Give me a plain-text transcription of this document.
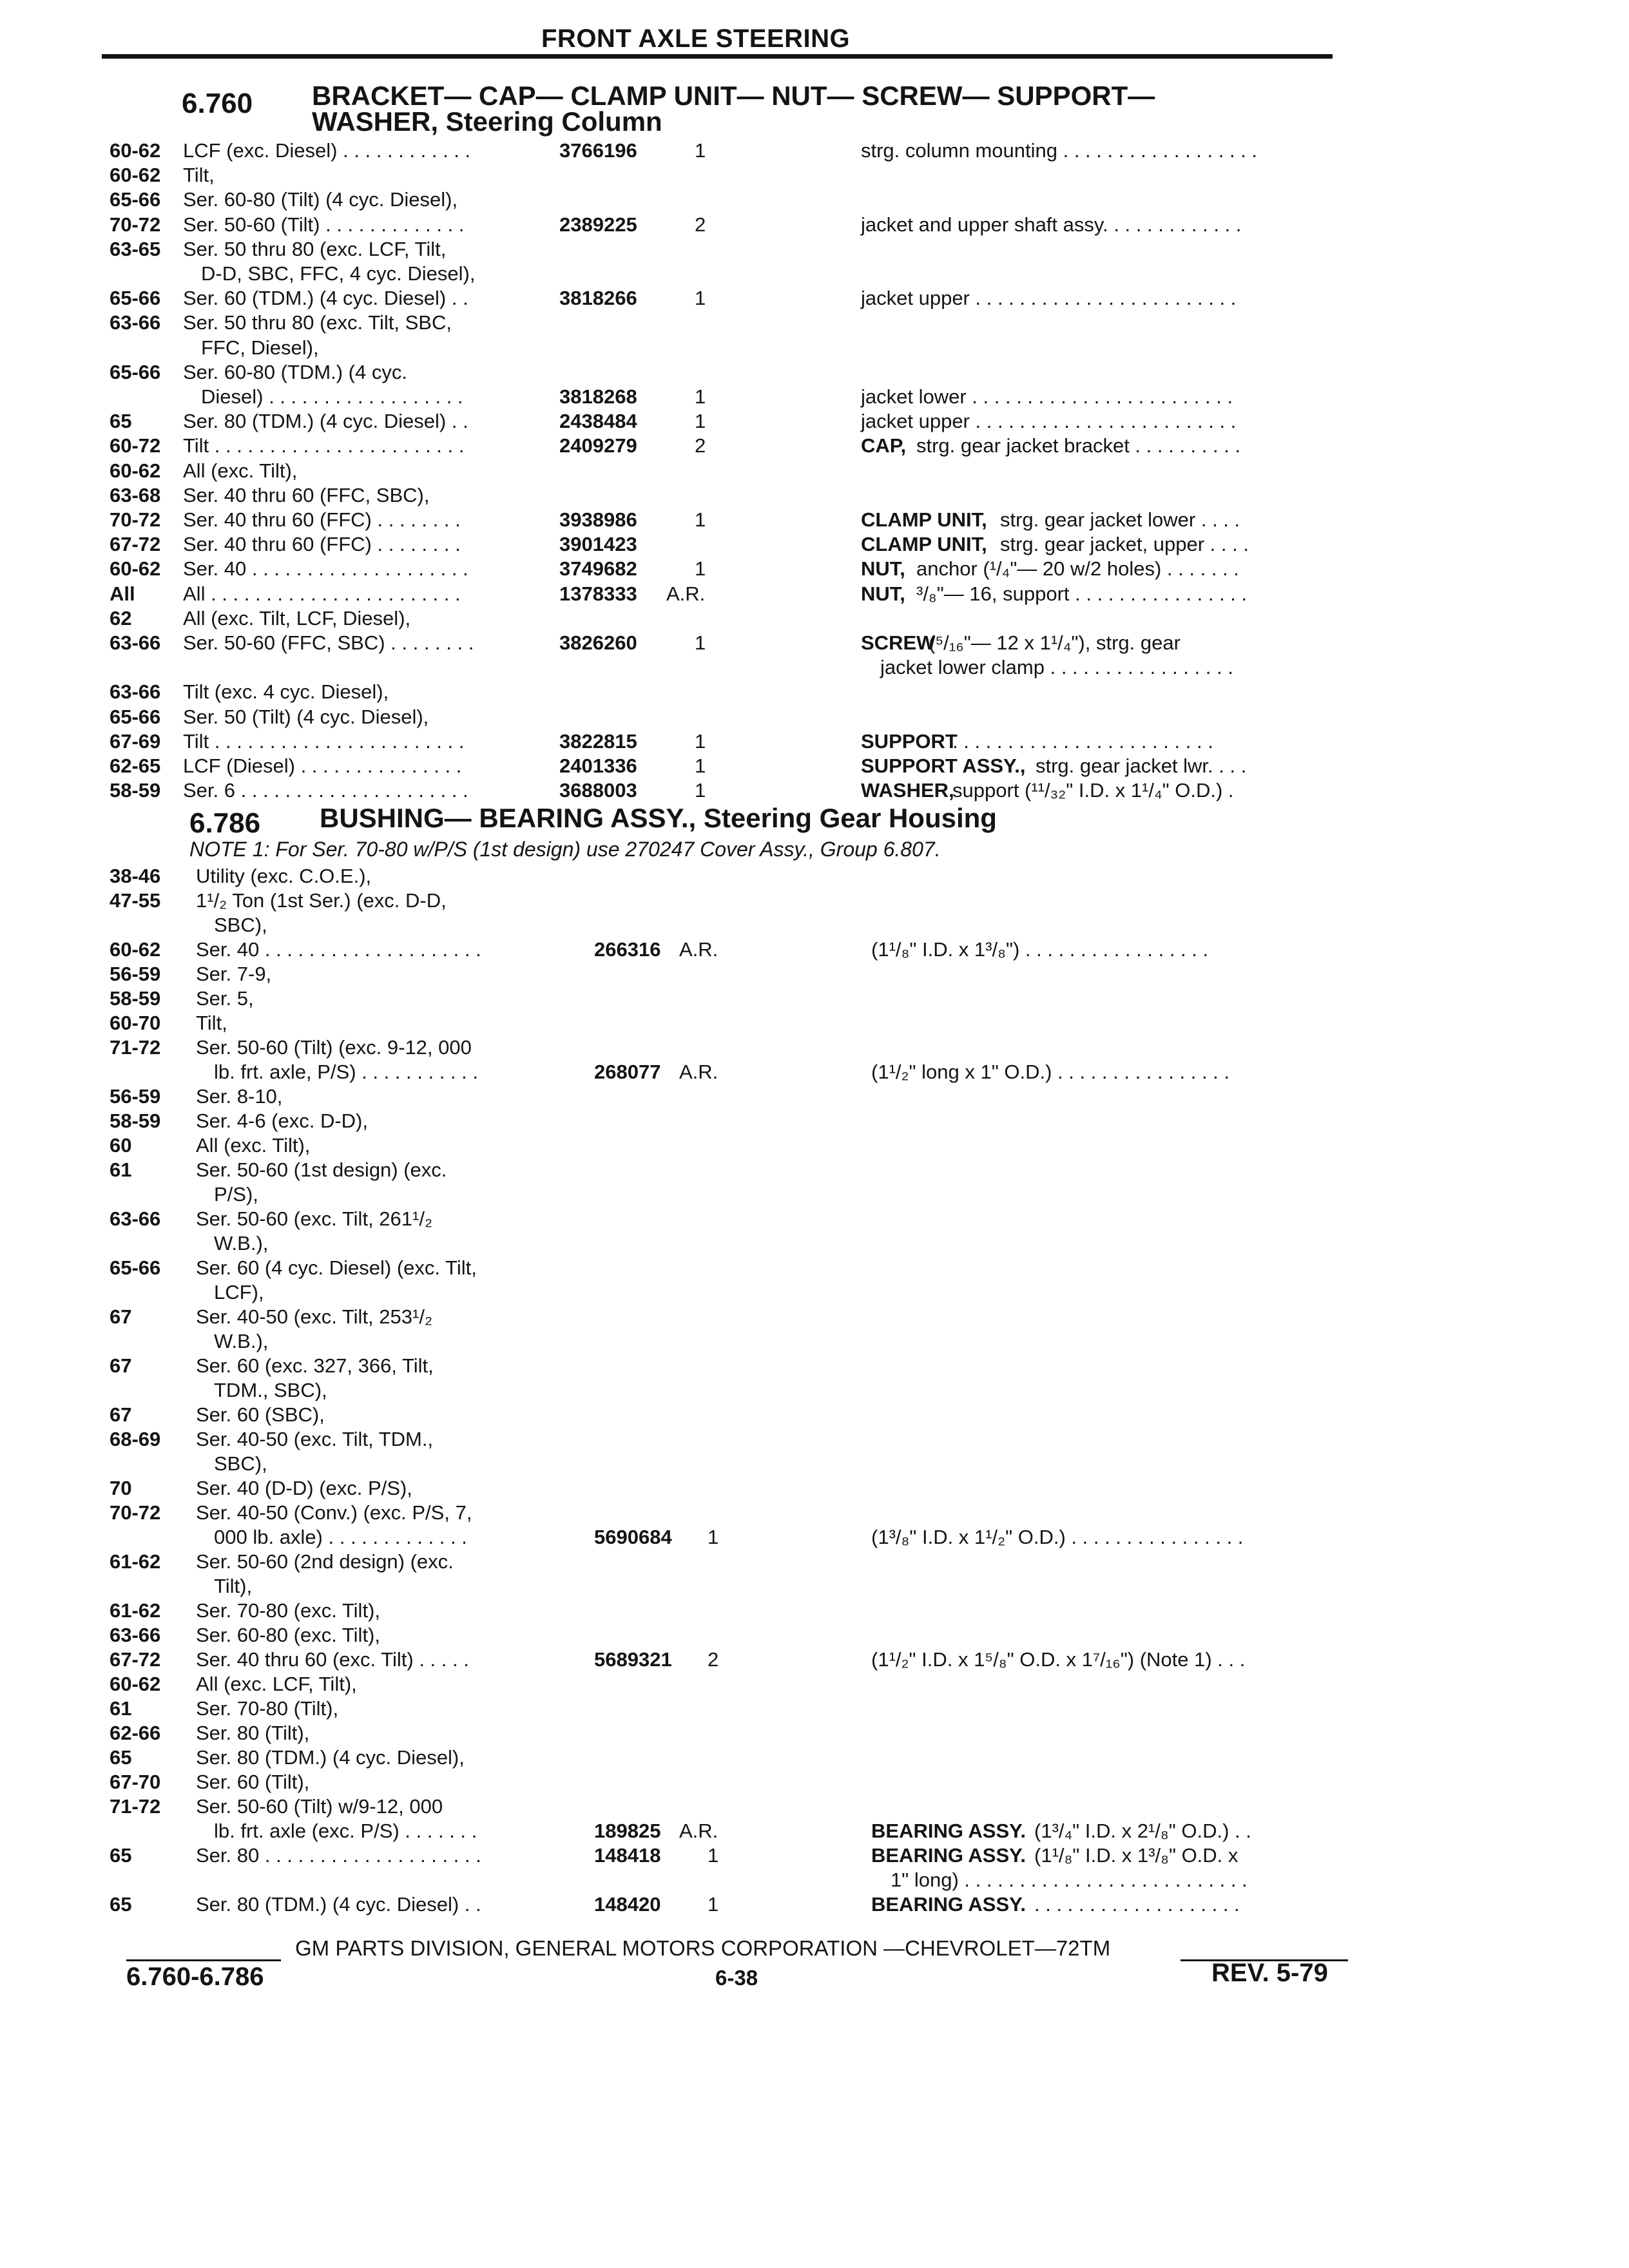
FRONT AXLE STEERING
6.760 BRACKET— CAP— CLAMP UNIT— NUT— SCREW— SUPPORT—
WASHER, Steering Column
60-62 LCF (exc. Diesel) . . . . . . . . . . . .	3766196	1	strg. column mounting . . . . . . . . . . . . . . . . . .
60-62 Tilt,
65-66 Ser. 60-80 (Tilt) (4 cyc. Diesel),
70-72 Ser. 50-60 (Tilt) . . . . . . . . . . . . .	2389225	2	jacket and upper shaft assy. . . . . . . . . . . . .
63-65 Ser. 50 thru 80 (exc. LCF, Tilt,
D-D, SBC, FFC, 4 cyc. Diesel),
65-66 Ser. 60 (TDM.) (4 cyc. Diesel) . .	3818266	1	jacket upper . . . . . . . . . . . . . . . . . . . . . . . .
63-66 Ser. 50 thru 80 (exc. Tilt, SBC,
FFC, Diesel),
65-66 Ser. 60-80 (TDM.) (4 cyc.
Diesel) . . . . . . . . . . . . . . . . . .	3818268	1	jacket lower . . . . . . . . . . . . . . . . . . . . . . . .
65	Ser. 80 (TDM.) (4 cyc. Diesel) . .	2438484	1	jacket upper . . . . . . . . . . . . . . . . . . . . . . . .
60-72 Tilt . . . . . . . . . . . . . . . . . . . . . . .	2409279	2	CAP, strg. gear jacket bracket . . . . . . . . . .
60-62 All (exc. Tilt),
63-68 Ser. 40 thru 60 (FFC, SBC),
70-72 Ser. 40 thru 60 (FFC) . . . . . . . .	3938986	1	CLAMP UNIT, strg. gear jacket lower . . . .
67-72 Ser. 40 thru 60 (FFC) . . . . . . . .	3901423	CLAMP UNIT, strg. gear jacket, upper . . . .
60-62 Ser. 40 . . . . . . . . . . . . . . . . . . . .	3749682	1	NUT, anchor (¹/₄"— 20 w/2 holes) . . . . . . .
All All . . . . . . . . . . . . . . . . . . . . . . .	1378333 A.R.	NUT, ³/₈"— 16, support . . . . . . . . . . . . . . . .
62	All (exc. Tilt, LCF, Diesel),
63-66 Ser. 50-60 (FFC, SBC) . . . . . . . .	3826260	1	SCREW
(⁵/₁₆"— 12 x 1¹/₄"), strg. gear
jacket lower clamp . . . . . . . . . . . . . . . . .
63-66 Tilt (exc. 4 cyc. Diesel),
65-66 Ser. 50 (Tilt) (4 cyc. Diesel),
67-69 Tilt . . . . . . . . . . . . . . . . . . . . . . .	3822815	1	SUPPORT
. . . . . . . . . . . . . . . . . . . . . . . .
62-65 LCF (Diesel) . . . . . . . . . . . . . . .	2401336	1	SUPPORT ASSY., strg. gear jacket lwr. . . .
58-59 Ser. 6 . . . . . . . . . . . . . . . . . . . . .	3688003	1	WASHER,
support (¹¹/₃₂" I.D. x 1¹/₄" O.D.) .
6.786 BUSHING— BEARING ASSY., Steering Gear Housing
NOTE 1: For Ser. 70-80 w/P/S (1st design) use 270247 Cover Assy., Group 6.807.
38-46 Utility (exc. C.O.E.),
47-55 1¹/₂ Ton (1st Ser.) (exc. D-D,
SBC),
60-62 Ser. 40 . . . . . . . . . . . . . . . . . . . .	266316 A.R.	(1¹/₈" I.D. x 1³/₈") . . . . . . . . . . . . . . . . .
56-59 Ser. 7-9,
58-59 Ser. 5,
60-70 Tilt,
71-72 Ser. 50-60 (Tilt) (exc. 9-12, 000
lb. frt. axle, P/S) . . . . . . . . . . .	268077 A.R.	(1¹/₂" long x 1" O.D.) . . . . . . . . . . . . . . . .
56-59 Ser. 8-10,
58-59 Ser. 4-6 (exc. D-D),
60	All (exc. Tilt),
61	Ser. 50-60 (1st design) (exc.
P/S),
63-66 Ser. 50-60 (exc. Tilt, 261¹/₂
W.B.),
65-66 Ser. 60 (4 cyc. Diesel) (exc. Tilt,
LCF),
67	Ser. 40-50 (exc. Tilt, 253¹/₂
W.B.),
67	Ser. 60 (exc. 327, 366, Tilt,
TDM., SBC),
67	Ser. 60 (SBC),
68-69 Ser. 40-50 (exc. Tilt, TDM.,
SBC),
70	Ser. 40 (D-D) (exc. P/S),
70-72 Ser. 40-50 (Conv.) (exc. P/S, 7,
000 lb. axle) . . . . . . . . . . . . .	5690684 1	(1³/₈" I.D. x 1¹/₂" O.D.) . . . . . . . . . . . . . . . .
61-62 Ser. 50-60 (2nd design) (exc.
Tilt),
61-62 Ser. 70-80 (exc. Tilt),
63-66 Ser. 60-80 (exc. Tilt),
67-72 Ser. 40 thru 60 (exc. Tilt) . . . . .	5689321 2	(1¹/₂" I.D. x 1⁵/₈" O.D. x 1⁷/₁₆") (Note 1) . . .
60-62 All (exc. LCF, Tilt),
61	Ser. 70-80 (Tilt),
62-66 Ser. 80 (Tilt),
65	Ser. 80 (TDM.) (4 cyc. Diesel),
67-70 Ser. 60 (Tilt),
71-72 Ser. 50-60 (Tilt) w/9-12, 000
lb. frt. axle (exc. P/S) . . . . . . .	189825 A.R.	BEARING ASSY. (1³/₄" I.D. x 2¹/₈" O.D.) . .
65	Ser. 80 . . . . . . . . . . . . . . . . . . . .	148418 1	BEARING ASSY. (1¹/₈" I.D. x 1³/₈" O.D. x
1" long) . . . . . . . . . . . . . . . . . . . . . . . . . .
65	Ser. 80 (TDM.) (4 cyc. Diesel) . .	148420 1	BEARING ASSY. . . . . . . . . . . . . . . . . . . .
GM PARTS DIVISION, GENERAL MOTORS CORPORATION —CHEVROLET—72TM
6.760-6.786	6-38	REV. 5-79
